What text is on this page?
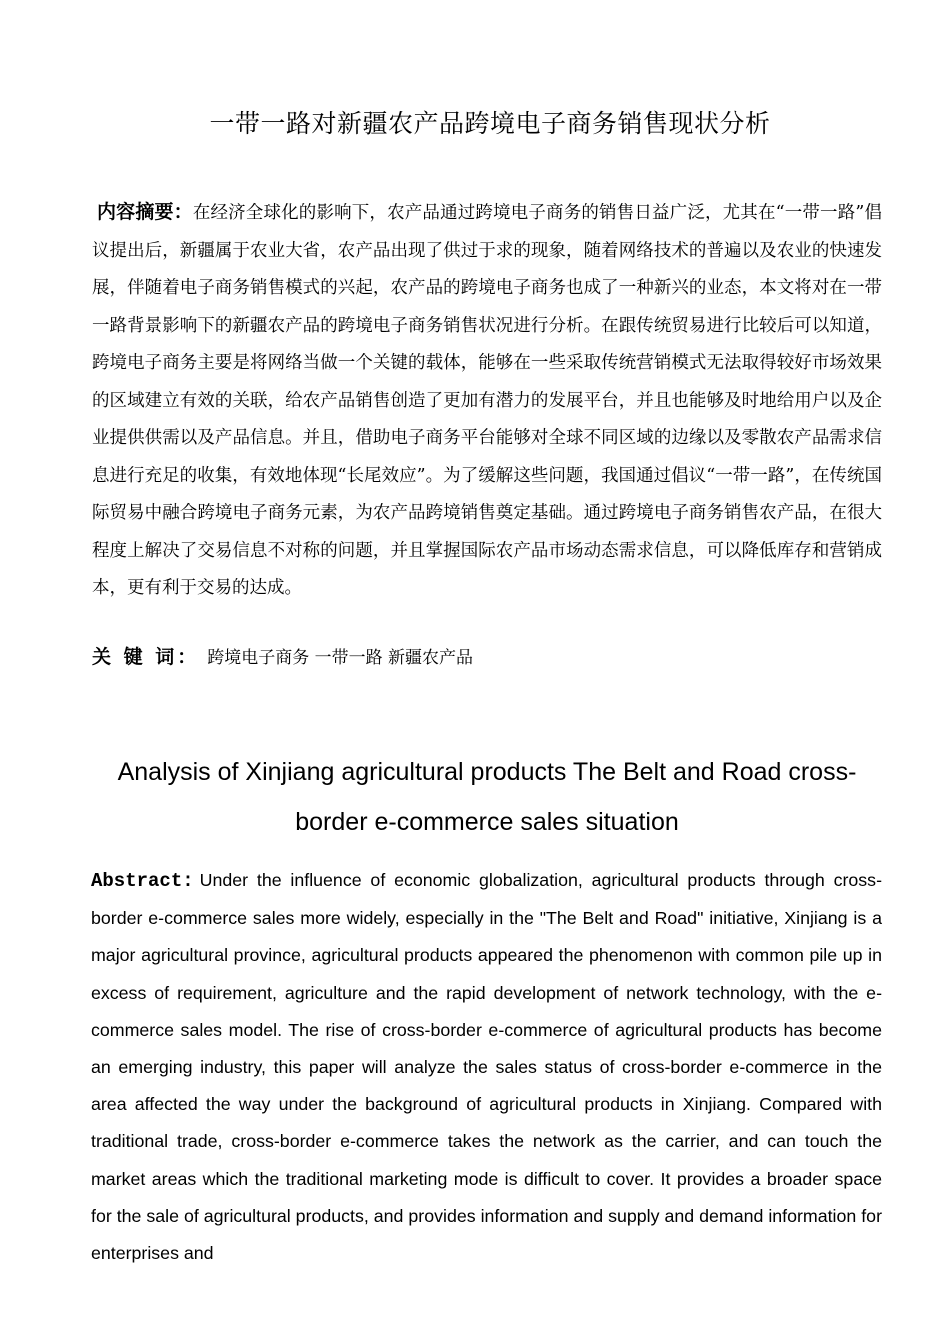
一带一路对新疆农产品跨境电子商务销售现状分析

内容摘要：在经济全球化的影响下，农产品通过跨境电子商务的销售日益广泛，尤其在“一带一路”倡议提出后，新疆属于农业大省，农产品出现了供过于求的现象，随着网络技术的普遍以及农业的快速发展，伴随着电子商务销售模式的兴起，农产品的跨境电子商务也成了一种新兴的业态，本文将对在一带一路背景影响下的新疆农产品的跨境电子商务销售状况进行分析。在跟传统贸易进行比较后可以知道，跨境电子商务主要是将网络当做一个关键的载体，能够在一些采取传统营销模式无法取得较好市场效果的区域建立有效的关联，给农产品销售创造了更加有潜力的发展平台，并且也能够及时地给用户以及企业提供供需以及产品信息。并且，借助电子商务平台能够对全球不同区域的边缘以及零散农产品需求信息进行充足的收集，有效地体现“长尾效应”。为了缓解这些问题，我国通过倡议“一带一路”，在传统国际贸易中融合跨境电子商务元素，为农产品跨境销售奠定基础。通过跨境电子商务销售农产品，在很大程度上解决了交易信息不对称的问题，并且掌握国际农产品市场动态需求信息，可以降低库存和营销成本，更有利于交易的达成。

关 键 词： 跨境电子商务 一带一路 新疆农产品

Analysis of Xinjiang agricultural products The Belt and Road cross-border e-commerce sales situation

Abstract: Under the influence of economic globalization, agricultural products through cross-border e-commerce sales more widely, especially in the "The Belt and Road" initiative, Xinjiang is a major agricultural province, agricultural products appeared the phenomenon with common pile up in excess of requirement, agriculture and the rapid development of network technology, with the e-commerce sales model. The rise of cross-border e-commerce of agricultural products has become an emerging industry, this paper will analyze the sales status of cross-border e-commerce in the area affected the way under the background of agricultural products in Xinjiang. Compared with traditional trade, cross-border e-commerce takes the network as the carrier, and can touch the market areas which the traditional marketing mode is difficult to cover. It provides a broader space for the sale of agricultural products, and provides information and supply and demand information for enterprises and
